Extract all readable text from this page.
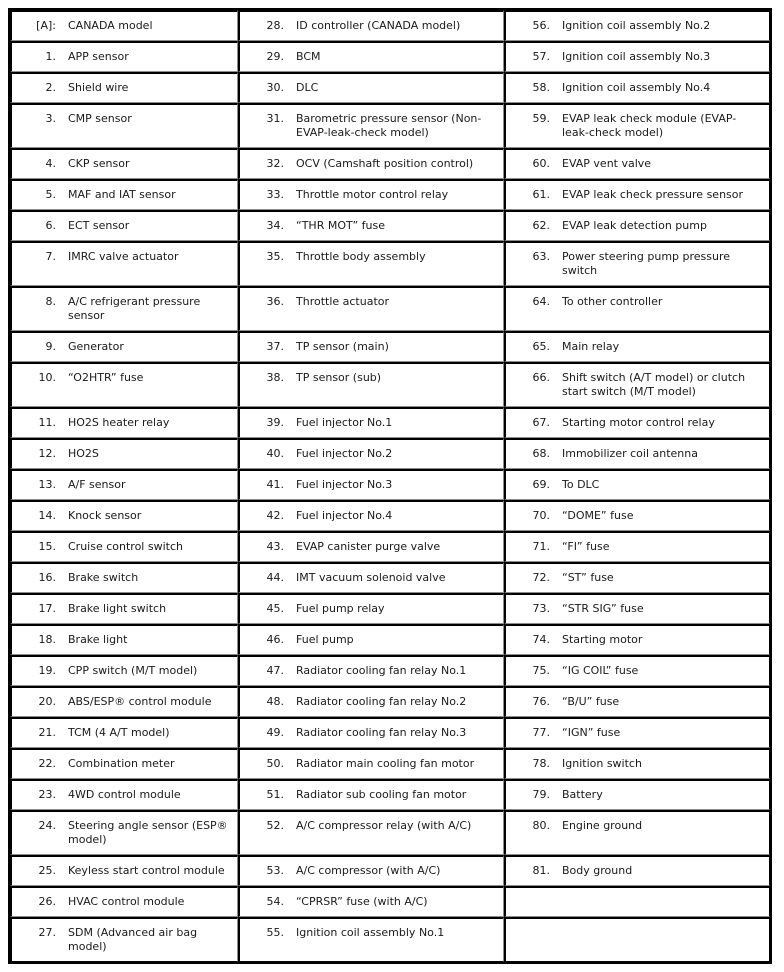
[A]: CANADA model	28. ID controller (CANADA model)	56. Ignition coil assembly No.2

1. APP sensor	29. BCM	57. Ignition coil assembly No.3

2. Shield wire	30. DLC	58. Ignition coil assembly No.4

3. CMP sensor	31. Barometric pressure sensor (Non-EVAP-leak-check model)	59. EVAP leak check module (EVAP-leak-check model)

4. CKP sensor	32. OCV (Camshaft position control)	60. EVAP vent valve

5. MAF and IAT sensor	33. Throttle motor control relay	61. EVAP leak check pressure sensor

6. ECT sensor	34. “THR MOT” fuse	62. EVAP leak detection pump

7. IMRC valve actuator	35. Throttle body assembly	63. Power steering pump pressure switch

8. A/C refrigerant pressure sensor	36. Throttle actuator	64. To other controller

9. Generator	37. TP sensor (main)	65. Main relay

10. “O2HTR” fuse	38. TP sensor (sub)	66. Shift switch (A/T model) or clutch start switch (M/T model)

11. HO2S heater relay	39. Fuel injector No.1	67. Starting motor control relay

12. HO2S	40. Fuel injector No.2	68. Immobilizer coil antenna

13. A/F sensor	41. Fuel injector No.3	69. To DLC

14. Knock sensor	42. Fuel injector No.4	70. “DOME” fuse

15. Cruise control switch	43. EVAP canister purge valve	71. “FI” fuse

16. Brake switch	44. IMT vacuum solenoid valve	72. “ST” fuse

17. Brake light switch	45. Fuel pump relay	73. “STR SIG” fuse

18. Brake light	46. Fuel pump	74. Starting motor

19. CPP switch (M/T model)	47. Radiator cooling fan relay No.1	75. “IG COIL” fuse

20. ABS/ESP® control module	48. Radiator cooling fan relay No.2	76. “B/U” fuse

21. TCM (4 A/T model)	49. Radiator cooling fan relay No.3	77. “IGN” fuse

22. Combination meter	50. Radiator main cooling fan motor	78. Ignition switch

23. 4WD control module	51. Radiator sub cooling fan motor	79. Battery

24. Steering angle sensor (ESP® model)	52. A/C compressor relay (with A/C)	80. Engine ground

25. Keyless start control module	53. A/C compressor (with A/C)	81. Body ground

26. HVAC control module	54. “CPRSR” fuse (with A/C)	

27. SDM (Advanced air bag model)	55. Ignition coil assembly No.1	
